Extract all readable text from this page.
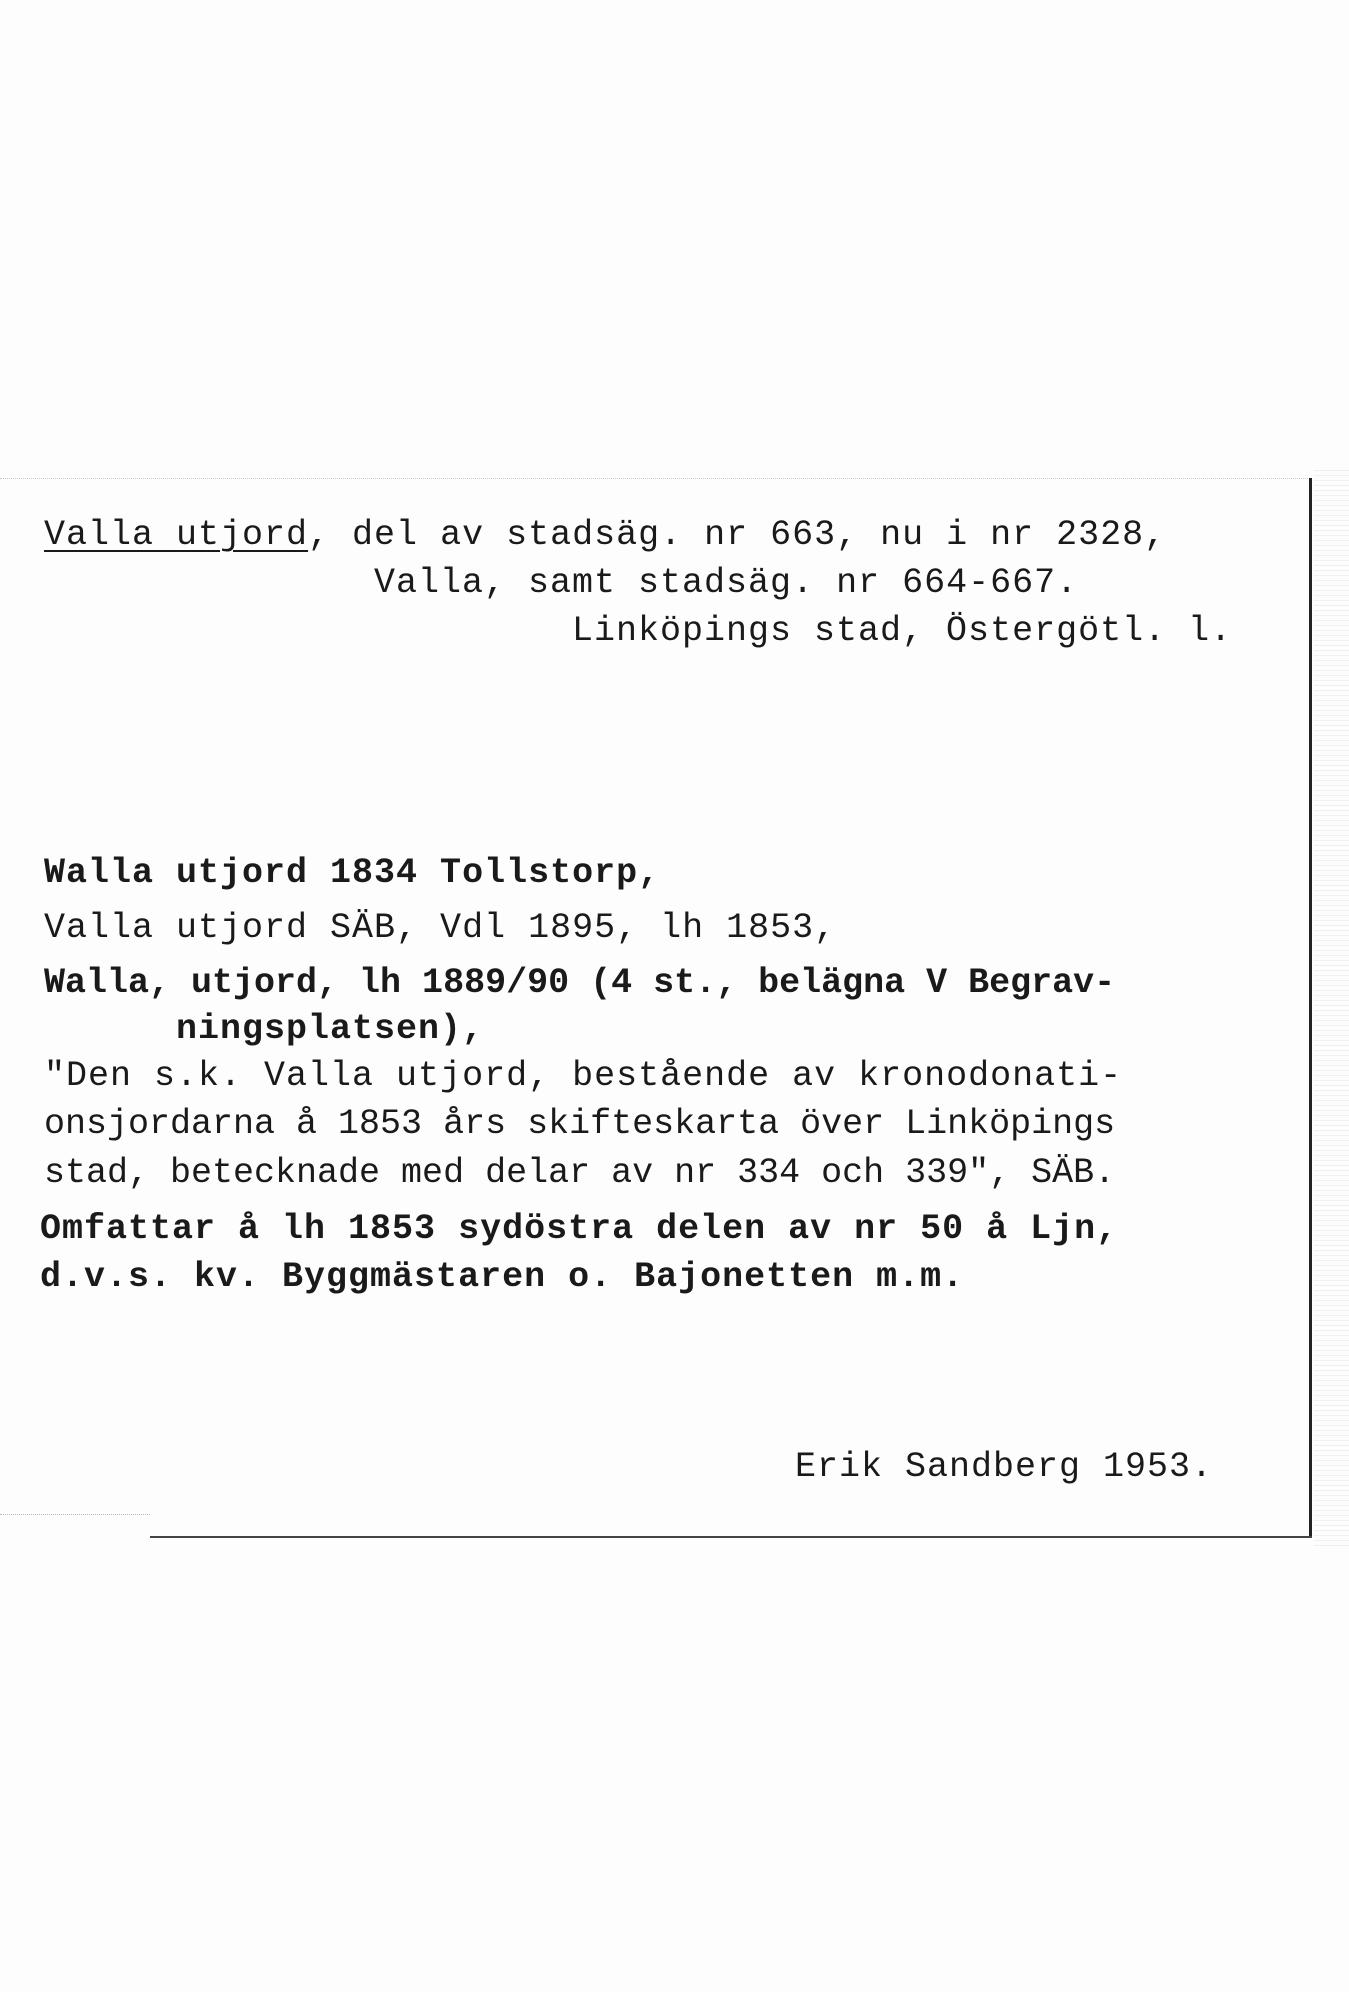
Valla utjord, del av stadsäg. nr 663, nu i nr 2328,
Valla, samt stadsäg. nr 664-667.
Linköpings stad, Östergötl. l.
Walla utjord 1834 Tollstorp,
Valla utjord SÄB, Vdl 1895, lh 1853,
Walla, utjord, lh 1889/90 (4 st., belägna V Begrav-
ningsplatsen),
"Den s.k. Valla utjord, bestående av kronodonati-
onsjordarna å 1853 års skifteskarta över Linköpings
stad, betecknade med delar av nr 334 och 339", SÄB.
Omfattar å lh 1853 sydöstra delen av nr 50 å Ljn,
d.v.s. kv. Byggmästaren o. Bajonetten m.m.
Erik Sandberg 1953.
